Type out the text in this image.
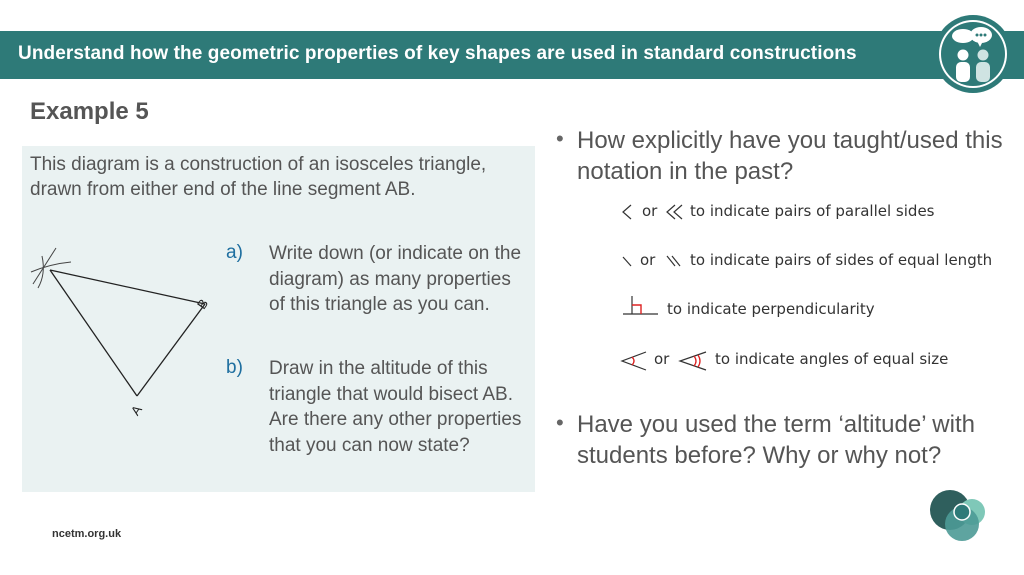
Understand how the geometric properties of key shapes are used in standard constructions
Example 5
This diagram is a construction of an isosceles triangle, drawn from either end of the line segment AB.
B
A
a) Write down (or indicate on the diagram) as many properties of this triangle as you can.
b) Draw in the altitude of this triangle that would bisect AB. Are there any other properties that you can now state?
• How explicitly have you taught/used this notation in the past?
or to indicate pairs of parallel sides
or to indicate pairs of sides of equal length
to indicate perpendicularity
or	to indicate angles of equal size
• Have you used the term ‘altitude’ with students before? Why or why not?
ncetm.org.uk
